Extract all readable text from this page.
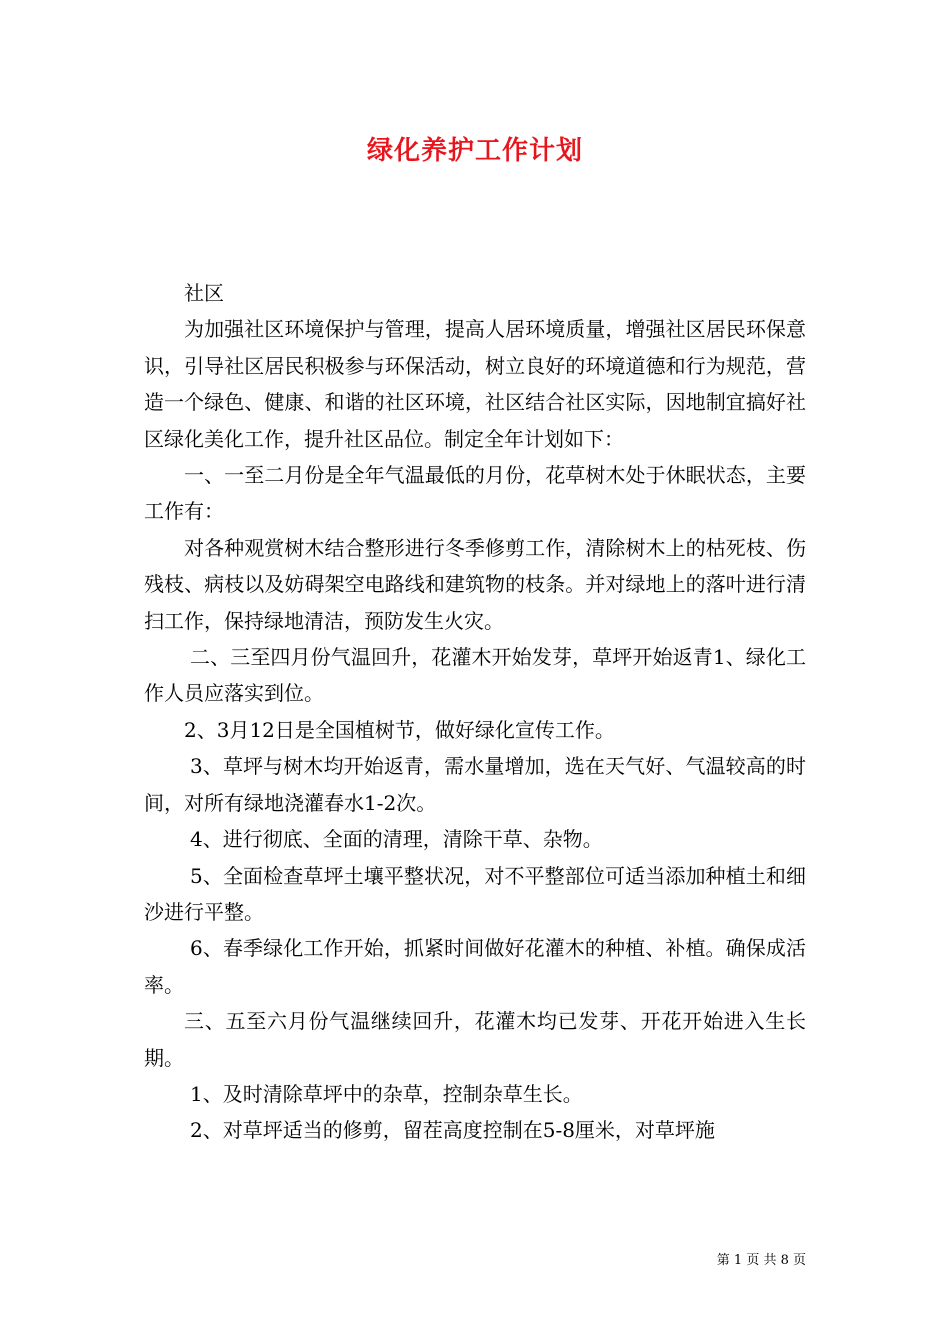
绿化养护工作计划

社区

为加强社区环境保护与管理，提高人居环境质量，增强社区居民环保意识，引导社区居民积极参与环保活动，树立良好的环境道德和行为规范，营造一个绿色、健康、和谐的社区环境，社区结合社区实际，因地制宜搞好社区绿化美化工作，提升社区品位。制定全年计划如下：

一、一至二月份是全年气温最低的月份，花草树木处于休眠状态，主要工作有：

对各种观赏树木结合整形进行冬季修剪工作，清除树木上的枯死枝、伤残枝、病枝以及妨碍架空电路线和建筑物的枝条。并对绿地上的落叶进行清扫工作，保持绿地清洁，预防发生火灾。

二、三至四月份气温回升，花灌木开始发芽，草坪开始返青1、绿化工作人员应落实到位。

2、3月12日是全国植树节，做好绿化宣传工作。

3、草坪与树木均开始返青，需水量增加，选在天气好、气温较高的时间，对所有绿地浇灌春水1-2次。

4、进行彻底、全面的清理，清除干草、杂物。

5、全面检查草坪土壤平整状况，对不平整部位可适当添加种植土和细沙进行平整。

6、春季绿化工作开始，抓紧时间做好花灌木的种植、补植。确保成活率。

三、五至六月份气温继续回升，花灌木均已发芽、开花开始进入生长期。

1、及时清除草坪中的杂草，控制杂草生长。

2、对草坪适当的修剪，留茬高度控制在5-8厘米，对草坪施

第 1 页 共 8 页
